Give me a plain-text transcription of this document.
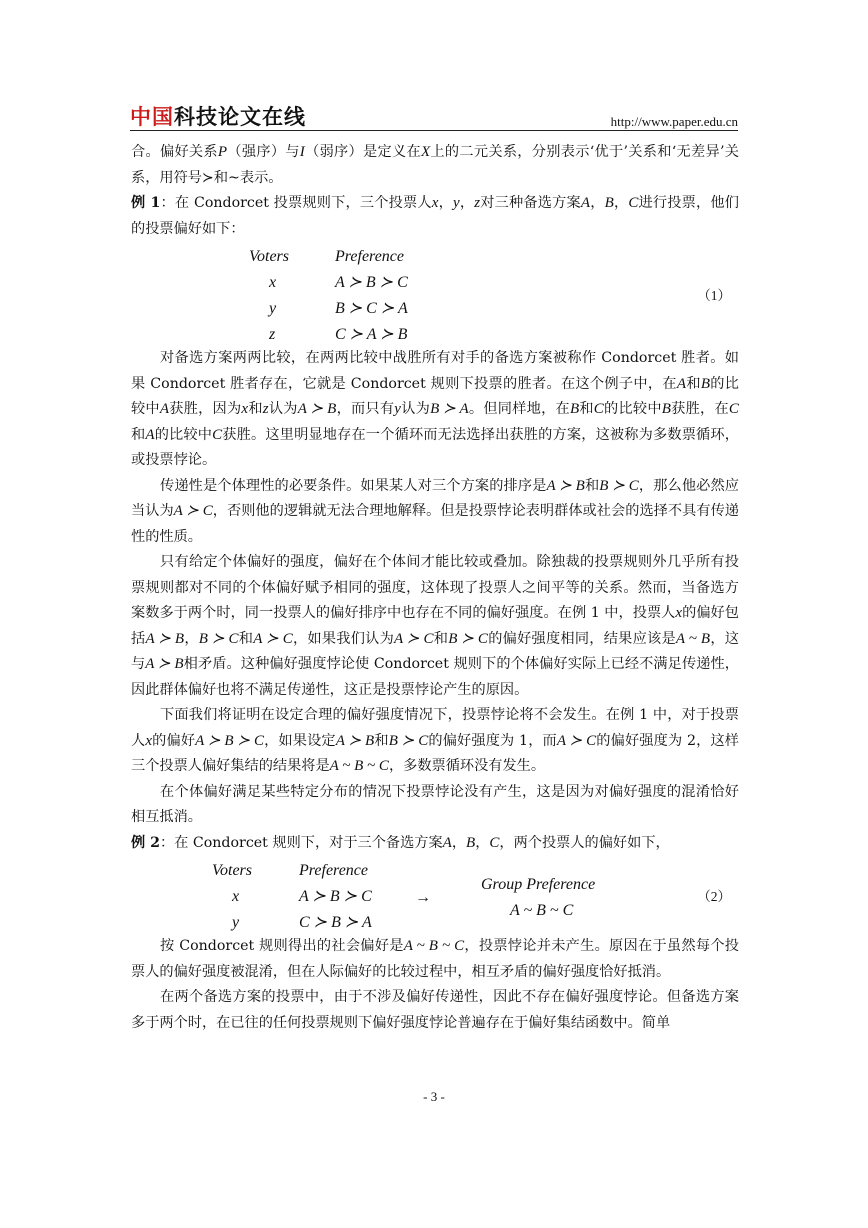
中国科技论文在线	http://www.paper.edu.cn

合。偏好关系P（强序）与I（弱序）是定义在X上的二元关系，分别表示‘优于’关系和‘无差异’关系，用符号≻和~表示。

例 1：在 Condorcet 投票规则下，三个投票人x，y，z对三种备选方案A，B，C进行投票，他们的投票偏好如下：

Voters	Preference
x	A ≻ B ≻ C
y	B ≻ C ≻ A
z	C ≻ A ≻ B
（1）

对备选方案两两比较，在两两比较中战胜所有对手的备选方案被称作 Condorcet 胜者。如果 Condorcet 胜者存在，它就是 Condorcet 规则下投票的胜者。在这个例子中，在A和B的比较中A获胜，因为x和z认为A ≻ B，而只有y认为B ≻ A。但同样地，在B和C的比较中B获胜，在C和A的比较中C获胜。这里明显地存在一个循环而无法选择出获胜的方案，这被称为多数票循环，或投票悖论。

传递性是个体理性的必要条件。如果某人对三个方案的排序是A ≻ B和B ≻ C，那么他必然应当认为A ≻ C，否则他的逻辑就无法合理地解释。但是投票悖论表明群体或社会的选择不具有传递性的性质。

只有给定个体偏好的强度，偏好在个体间才能比较或叠加。除独裁的投票规则外几乎所有投票规则都对不同的个体偏好赋予相同的强度，这体现了投票人之间平等的关系。然而，当备选方案数多于两个时，同一投票人的偏好排序中也存在不同的偏好强度。在例 1 中，投票人x的偏好包括A ≻ B，B ≻ C和A ≻ C，如果我们认为A ≻ C和B ≻ C的偏好强度相同，结果应该是A ~ B，这与A ≻ B相矛盾。这种偏好强度悖论使 Condorcet 规则下的个体偏好实际上已经不满足传递性，因此群体偏好也将不满足传递性，这正是投票悖论产生的原因。

下面我们将证明在设定合理的偏好强度情况下，投票悖论将不会发生。在例 1 中，对于投票人x的偏好A ≻ B ≻ C，如果设定A ≻ B和B ≻ C的偏好强度为 1，而A ≻ C的偏好强度为 2，这样三个投票人偏好集结的结果将是A ~ B ~ C，多数票循环没有发生。

在个体偏好满足某些特定分布的情况下投票悖论没有产生，这是因为对偏好强度的混淆恰好相互抵消。

例 2：在 Condorcet 规则下，对于三个备选方案A，B，C，两个投票人的偏好如下，

Voters	Preference
x	A ≻ B ≻ C
y	C ≻ B ≻ A
→
Group Preference
A ~ B ~ C
（2）

按 Condorcet 规则得出的社会偏好是A ~ B ~ C，投票悖论并未产生。原因在于虽然每个投票人的偏好强度被混淆，但在人际偏好的比较过程中，相互矛盾的偏好强度恰好抵消。

在两个备选方案的投票中，由于不涉及偏好传递性，因此不存在偏好强度悖论。但备选方案多于两个时，在已往的任何投票规则下偏好强度悖论普遍存在于偏好集结函数中。简单

- 3 -
